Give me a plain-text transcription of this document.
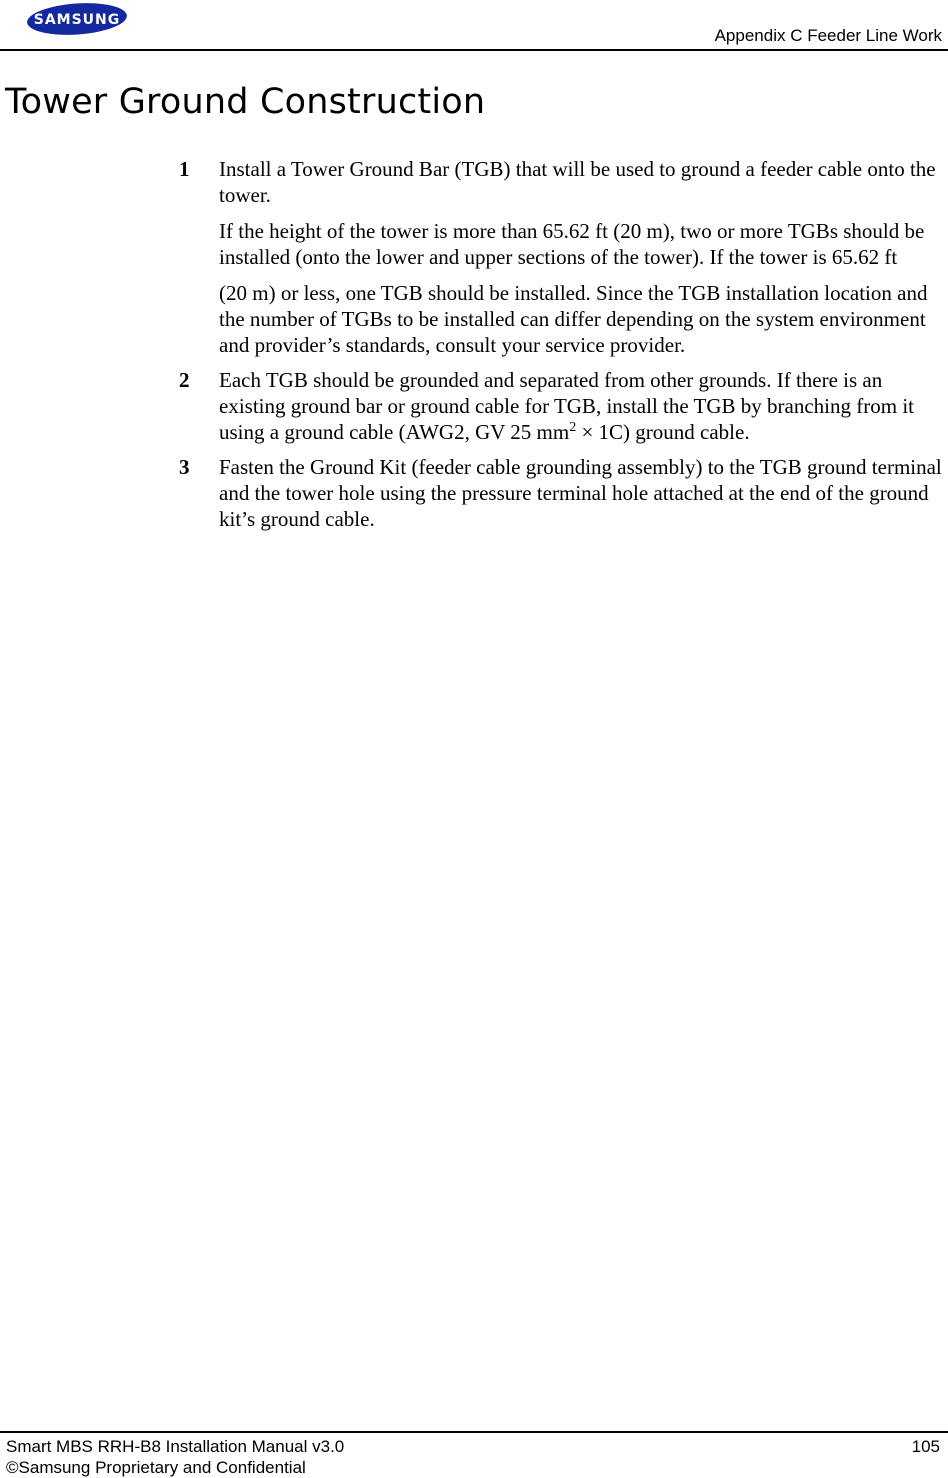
SAMSUNG
Appendix C Feeder Line Work
Tower Ground Construction
1 Install a Tower Ground Bar (TGB) that will be used to ground a feeder cable onto the tower.

If the height of the tower is more than 65.62 ft (20 m), two or more TGBs should be installed (onto the lower and upper sections of the tower). If the tower is 65.62 ft

(20 m) or less, one TGB should be installed. Since the TGB installation location and the number of TGBs to be installed can differ depending on the system environment and provider’s standards, consult your service provider.

2 Each TGB should be grounded and separated from other grounds. If there is an existing ground bar or ground cable for TGB, install the TGB by branching from it using a ground cable (AWG2, GV 25 $mm^2 \times 1C$) ground cable.

3 Fasten the Ground Kit (feeder cable grounding assembly) to the TGB ground terminal and the tower hole using the pressure terminal hole attached at the end of the ground kit’s ground cable.

Smart MBS RRH-B8 Installation Manual v3.0
©Samsung Proprietary and Confidential
105
